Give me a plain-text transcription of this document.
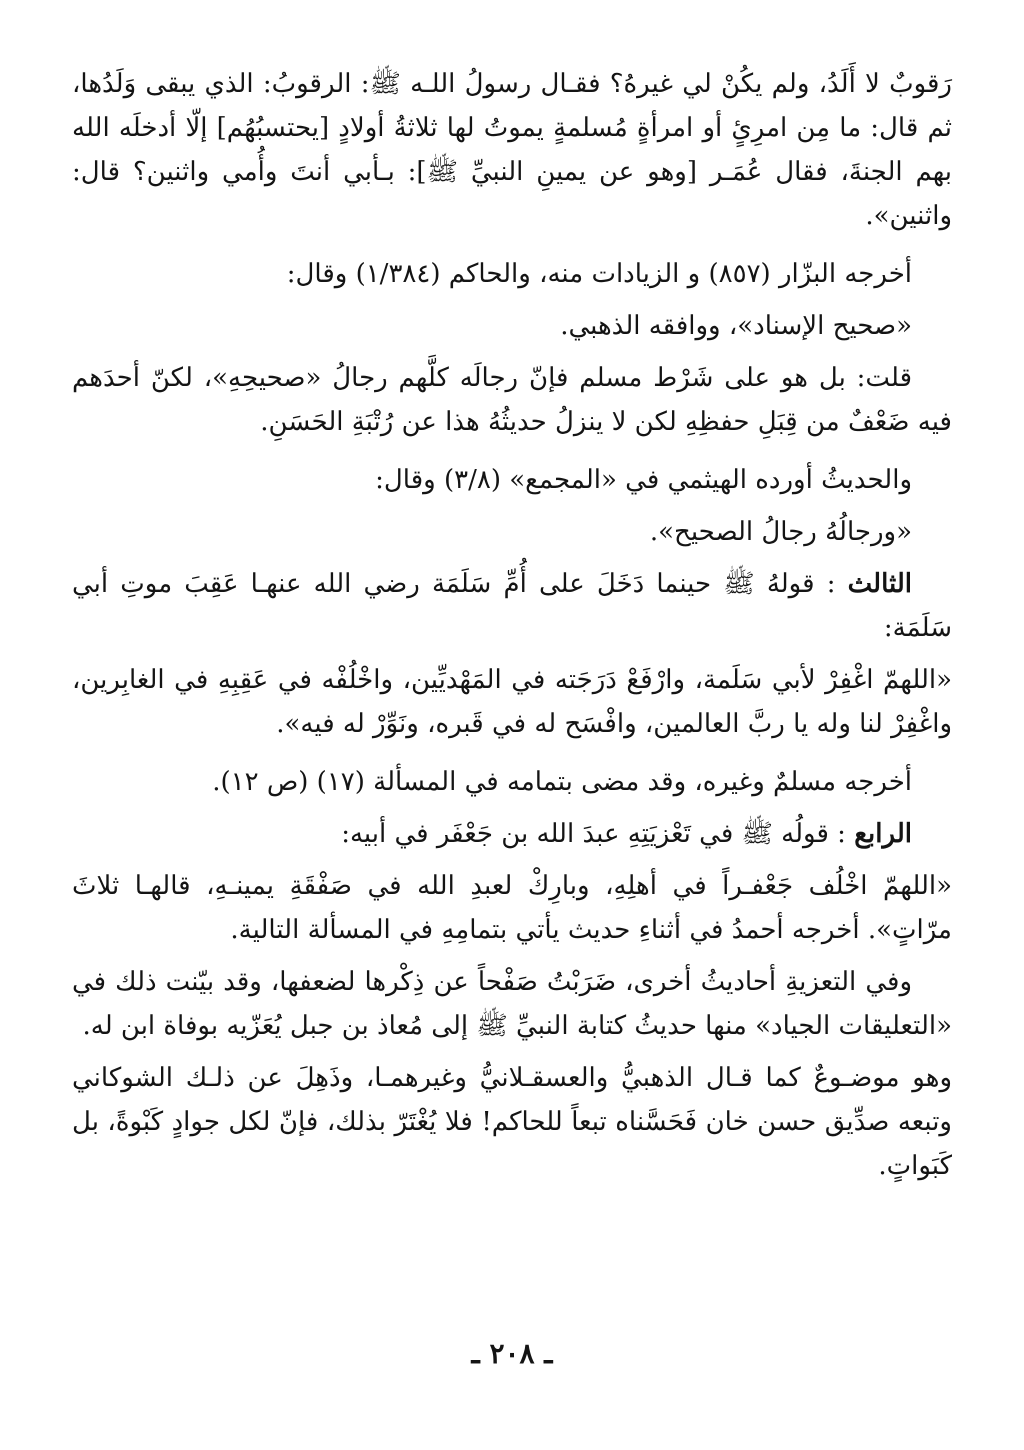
رَقوبٌ لا أَلَدُ، ولم يكُنْ لي غيرهُ؟ فقـال رسولُ اللـه ﷺ: الرقوبُ: الذي يبقى وَلَدُها، ثم قال: ما مِن امرِئٍ أو امرأةٍ مُسلمةٍ يموتُ لها ثلاثةُ أولادٍ [يحتسبُهُم] إلّا أدخلَه الله بهم الجنةَ، فقال عُمَـر [وهو عن يمينِ النبيِّ ﷺ]: بـأبي أنتَ وأُمي واثنين؟ قال: واثنين».

أخرجه البزّار (٨٥٧) و الزيادات منه، والحاكم (١/٣٨٤) وقال:

«صحيح الإسناد»، ووافقه الذهبي.

قلت: بل هو على شَرْط مسلم فإنّ رجالَه كلَّهم رجالُ «صحيحِهِ»، لكنّ أحدَهم فيه ضَعْفٌ من قِبَلِ حفظِهِ لكن لا ينزلُ حديثُهُ هذا عن رُتْبَةِ الحَسَنِ.

والحديثُ أورده الهيثمي في «المجمع» (٣/٨) وقال:

«ورجالُهُ رجالُ الصحيح».

الثالث : قولهُ ﷺ حينما دَخَلَ على أُمِّ سَلَمَة رضي الله عنهـا عَقِبَ موتِ أبي سَلَمَة:

«اللهمّ اغْفِرْ لأبي سَلَمة، وارْفَعْ دَرَجَته في المَهْديِّين، واخْلُفْه في عَقِبِهِ في الغابِرين، واغْفِرْ لنا وله يا ربَّ العالمين، وافْسَح له في قَبره، ونَوِّرْ له فيه».

أخرجه مسلمٌ وغيره، وقد مضى بتمامه في المسألة (١٧) (ص ١٢).

الرابع : قولُه ﷺ في تَعْزيَتِهِ عبدَ الله بن جَعْفَر في أبيه:

«اللهمّ اخْلُف جَعْفـراً في أهلِهِ، وبارِكْ لعبدِ الله في صَفْقَةِ يمينـهِ، قالهـا ثلاثَ مرّاتٍ». أخرجه أحمدُ في أثناءِ حديث يأتي بتمامِهِ في المسألة التالية.

وفي التعزيةِ أحاديثُ أخرى، ضَرَبْتُ صَفْحاً عن ذِكْرها لضعفها، وقد بيّنت ذلك في «التعليقات الجياد» منها حديثُ كتابة النبيِّ ﷺ إلى مُعاذ بن جبل يُعَزّيه بوفاة ابن له.

وهو موضـوعٌ كما قـال الذهبيُّ والعسقـلانيُّ وغيرهمـا، وذَهِلَ عن ذلـك الشوكاني وتبعه صدِّيق حسن خان فَحَسَّناه تبعاً للحاكم! فلا يُغْتَرّ بذلك، فإنّ لكل جوادٍ كَبْوةً، بل كَبَواتٍ.

ـ ٢٠٨ ـ
